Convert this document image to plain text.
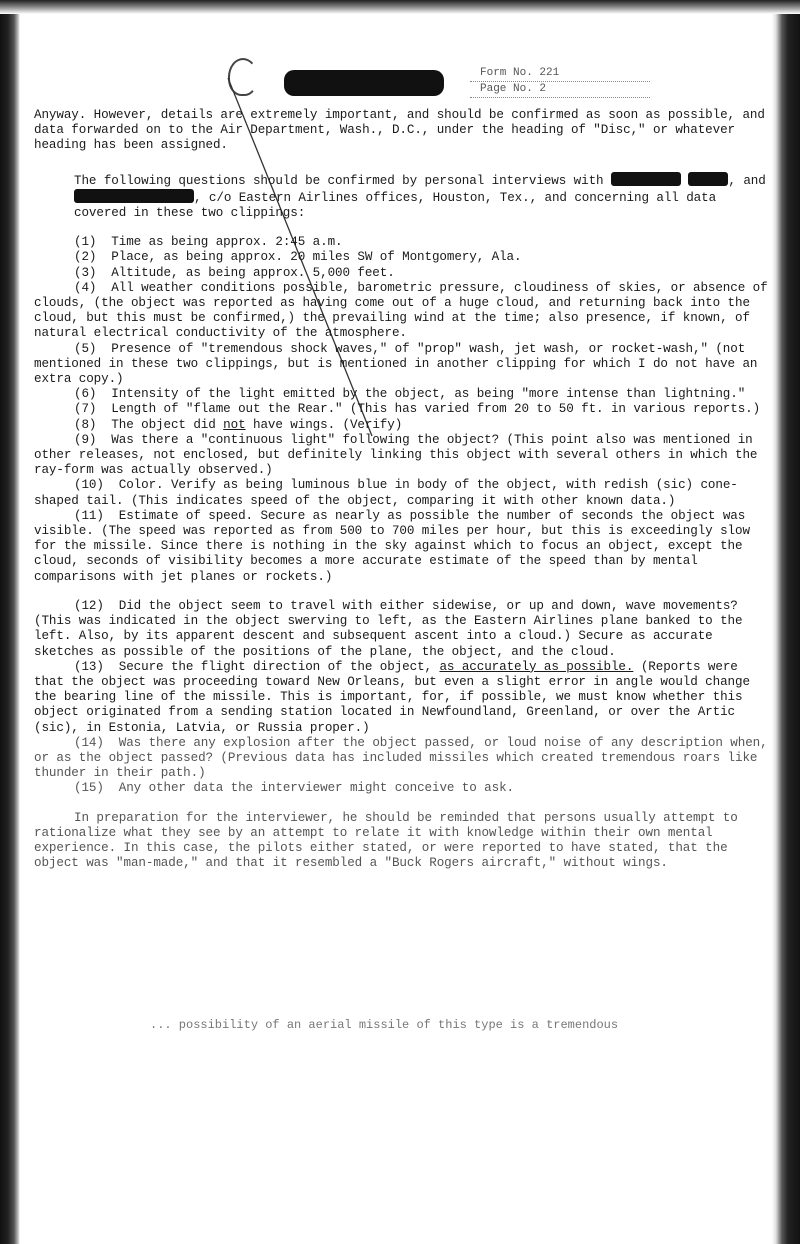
Form No. 221
Page No. 2

Anyway. However, details are extremely important, and should be confirmed as soon as possible, and data forwarded on to the Air Department, Wash., D.C., under the heading of "Disc," or whatever heading has been assigned.

The following questions should be confirmed by personal interviews with	, and , c/o Eastern Airlines offices, Houston, Tex., and concerning all data covered in these two clippings:

(1) Time as being approx. 2:45 a.m.

(2) Place, as being approx. 20 miles SW of Montgomery, Ala.

(3) Altitude, as being approx. 5,000 feet.

(4) All weather conditions possible, barometric pressure, cloudiness of skies, or absence of clouds, (the object was reported as having come out of a huge cloud, and returning back into the cloud, but this must be confirmed,) the prevailing wind at the time; also presence, if known, of natural electrical conductivity of the atmosphere.

(5) Presence of "tremendous shock waves," of "prop" wash, jet wash, or rocket-wash," (not mentioned in these two clippings, but is mentioned in another clipping for which I do not have an extra copy.)

(6) Intensity of the light emitted by the object, as being "more intense than lightning."

(7) Length of "flame out the Rear." (This has varied from 20 to 50 ft. in various reports.)

(8) The object did not have wings. (Verify)

(9) Was there a "continuous light" following the object? (This point also was mentioned in other releases, not enclosed, but definitely linking this object with several others in which the ray-form was actually observed.)

(10) Color. Verify as being luminous blue in body of the object, with redish (sic) cone-shaped tail. (This indicates speed of the object, comparing it with other known data.)

(11) Estimate of speed. Secure as nearly as possible the number of seconds the object was visible. (The speed was reported as from 500 to 700 miles per hour, but this is exceedingly slow for the missile. Since there is nothing in the sky against which to focus an object, except the cloud, seconds of visibility becomes a more accurate estimate of the speed than by mental comparisons with jet planes or rockets.)

(12) Did the object seem to travel with either sidewise, or up and down, wave movements? (This was indicated in the object swerving to left, as the Eastern Airlines plane banked to the left. Also, by its apparent descent and subsequent ascent into a cloud.) Secure as accurate sketches as possible of the positions of the plane, the object, and the cloud.

(13) Secure the flight direction of the object, as accurately as possible. (Reports were that the object was proceeding toward New Orleans, but even a slight error in angle would change the bearing line of the missile. This is important, for, if possible, we must know whether this object originated from a sending station located in Newfoundland, Greenland, or over the Artic (sic), in Estonia, Latvia, or Russia proper.)

(14) Was there any explosion after the object passed, or loud noise of any description when, or as the object passed? (Previous data has included missiles which created tremendous roars like thunder in their path.)

(15) Any other data the interviewer might conceive to ask.

In preparation for the interviewer, he should be reminded that persons usually attempt to rationalize what they see by an attempt to relate it with knowledge within their own mental experience. In this case, the pilots either stated, or were reported to have stated, that the object was "man-made," and that it resembled a "Buck Rogers aircraft," without wings.

... possibility of an aerial missile of this type is a tremendous
